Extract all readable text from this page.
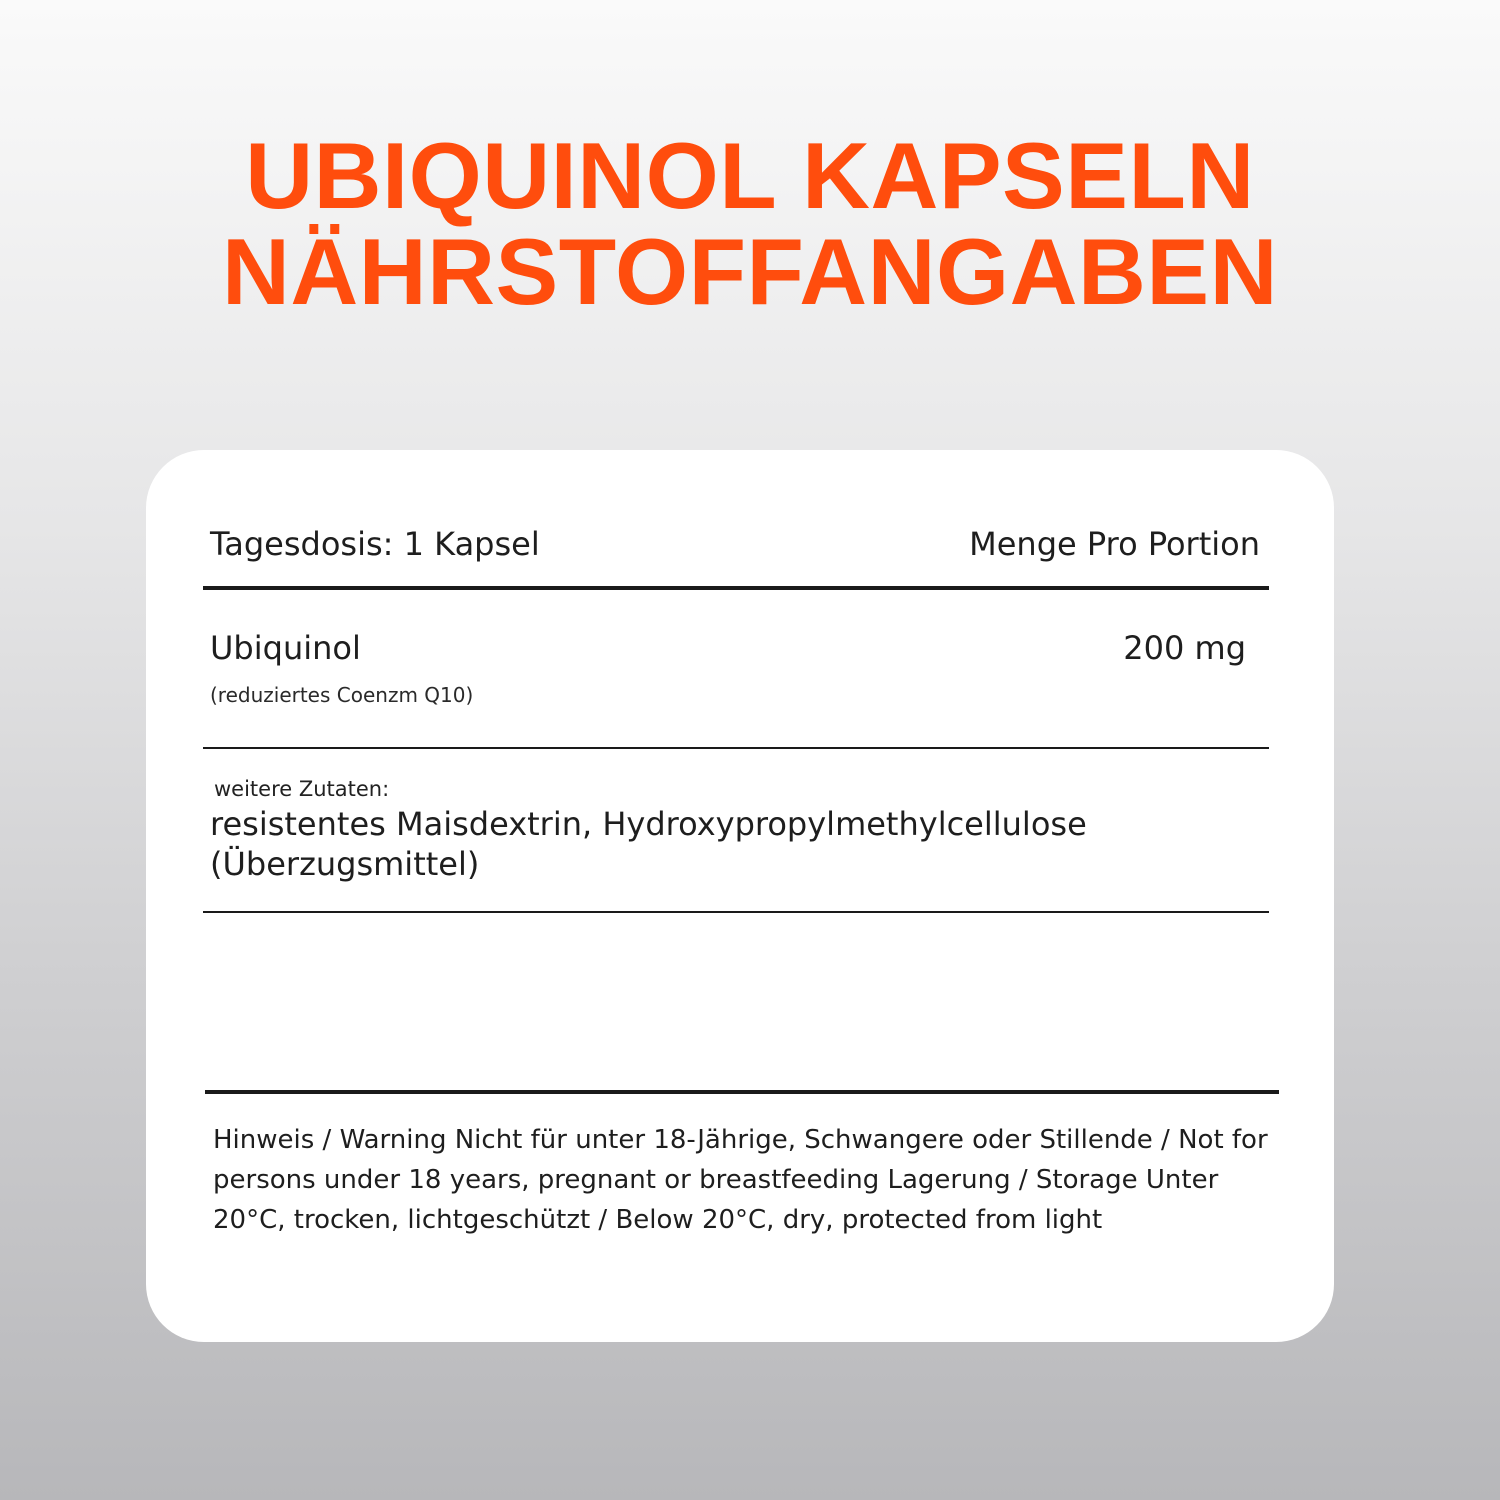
UBIQUINOL KAPSELN
NÄHRSTOFFANGABEN
Tagesdosis: 1 Kapsel	Menge Pro Portion
Ubiquinol	200 mg
(reduziertes Coenzm Q10)
weitere Zutaten:
resistentes Maisdextrin, Hydroxypropylmethylcellulose (Überzugsmittel)
Hinweis / Warning Nicht für unter 18-Jährige, Schwangere oder Stillende / Not for persons under 18 years, pregnant or breastfeeding Lagerung / Storage Unter 20°C, trocken, lichtgeschützt / Below 20°C, dry, protected from light
